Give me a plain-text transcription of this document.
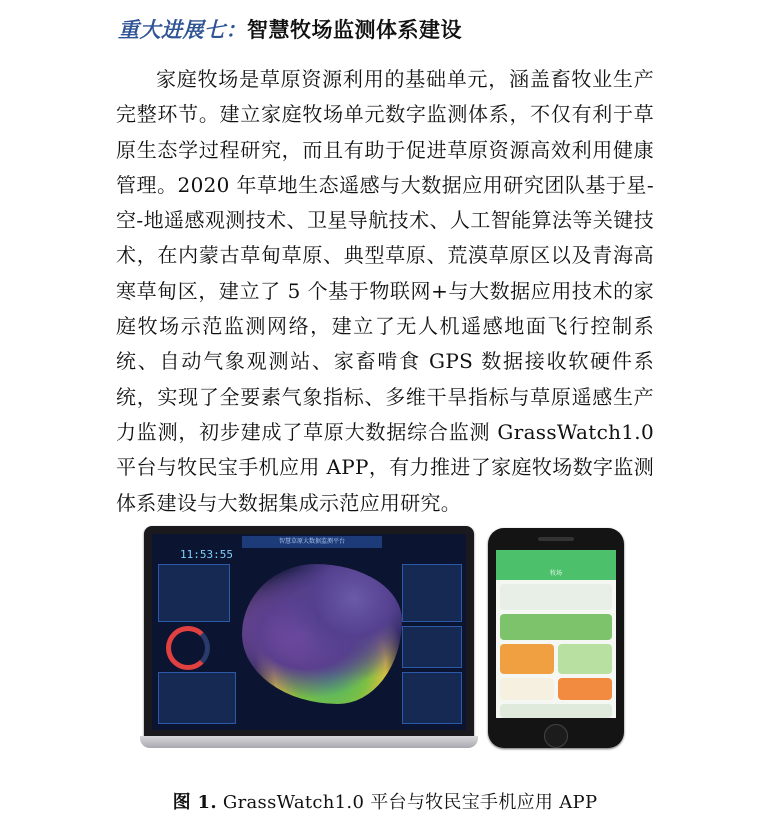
重大进展七：智慧牧场监测体系建设

家庭牧场是草原资源利用的基础单元，涵盖畜牧业生产完整环节。建立家庭牧场单元数字监测体系，不仅有利于草原生态学过程研究，而且有助于促进草原资源高效利用健康管理。2020 年草地生态遥感与大数据应用研究团队基于星-空-地遥感观测技术、卫星导航技术、人工智能算法等关键技术，在内蒙古草甸草原、典型草原、荒漠草原区以及青海高寒草甸区，建立了 5 个基于物联网+与大数据应用技术的家庭牧场示范监测网络，建立了无人机遥感地面飞行控制系统、自动气象观测站、家畜啃食 GPS 数据接收软硬件系统，实现了全要素气象指标、多维干旱指标与草原遥感生产力监测，初步建成了草原大数据综合监测 GrassWatch1.0 平台与牧民宝手机应用 APP，有力推进了家庭牧场数字监测体系建设与大数据集成示范应用研究。

智慧草原大数据监测平台
11:53:55
牧场
图 1. GrassWatch1.0 平台与牧民宝手机应用 APP
